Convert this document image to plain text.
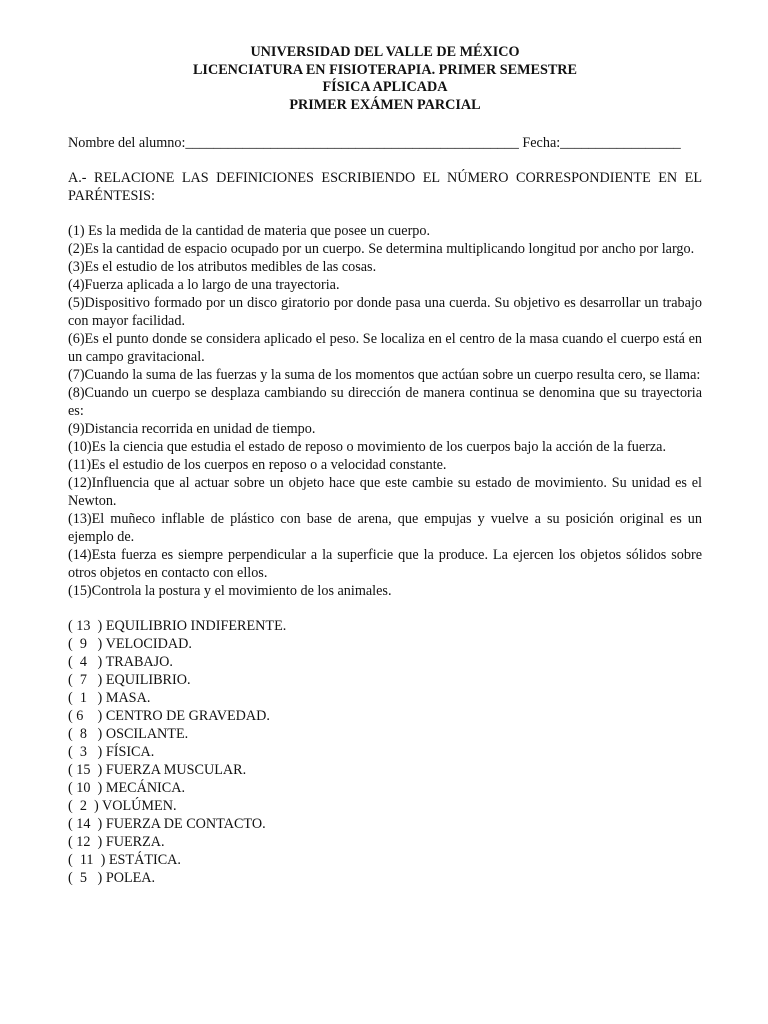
UNIVERSIDAD DEL VALLE DE MÉXICO
LICENCIATURA EN FISIOTERAPIA. PRIMER SEMESTRE
FÍSICA APLICADA
PRIMER EXÁMEN PARCIAL
Nombre del alumno:_______________________________________________ Fecha:_________________
A.- RELACIONE LAS DEFINICIONES ESCRIBIENDO EL NÚMERO CORRESPONDIENTE EN EL PARÉNTESIS:
(1) Es la medida de la cantidad de materia que posee un cuerpo.
(2)Es la cantidad de espacio ocupado por un cuerpo. Se determina multiplicando longitud por ancho por largo.
(3)Es el estudio de los atributos medibles de las cosas.
(4)Fuerza aplicada a lo largo de una trayectoria.
(5)Dispositivo formado por un disco giratorio por donde pasa una cuerda. Su objetivo es desarrollar un trabajo con mayor facilidad.
(6)Es el punto donde se considera aplicado el peso. Se localiza en el centro de la masa cuando el cuerpo está en un campo gravitacional.
(7)Cuando la suma de las fuerzas y la suma de los momentos que actúan sobre un cuerpo resulta cero, se llama:
(8)Cuando un cuerpo se desplaza cambiando su dirección de manera continua se denomina que su trayectoria es:
(9)Distancia recorrida en unidad de tiempo.
(10)Es la ciencia que estudia el estado de reposo o movimiento de los cuerpos bajo la acción de la fuerza.
(11)Es el estudio de los cuerpos en reposo o a velocidad constante.
(12)Influencia que al actuar sobre un objeto hace que este cambie su estado de movimiento. Su unidad es el Newton.
(13)El muñeco inflable de plástico con base de arena, que empujas y vuelve a su posición original es un ejemplo de.
(14)Esta fuerza es siempre perpendicular a la superficie que la produce. La ejercen los objetos sólidos sobre otros objetos en contacto con ellos.
(15)Controla la postura y el movimiento de los animales.
( 13  ) EQUILIBRIO INDIFERENTE.
(  9   ) VELOCIDAD.
(  4   ) TRABAJO.
(  7   ) EQUILIBRIO.
(  1   ) MASA.
( 6    ) CENTRO DE GRAVEDAD.
(  8   ) OSCILANTE.
(  3   ) FÍSICA.
( 15  ) FUERZA MUSCULAR.
( 10  ) MECÁNICA.
(  2  ) VOLÚMEN.
( 14  ) FUERZA DE CONTACTO.
( 12  ) FUERZA.
(  11  ) ESTÁTICA.
(  5   ) POLEA.
